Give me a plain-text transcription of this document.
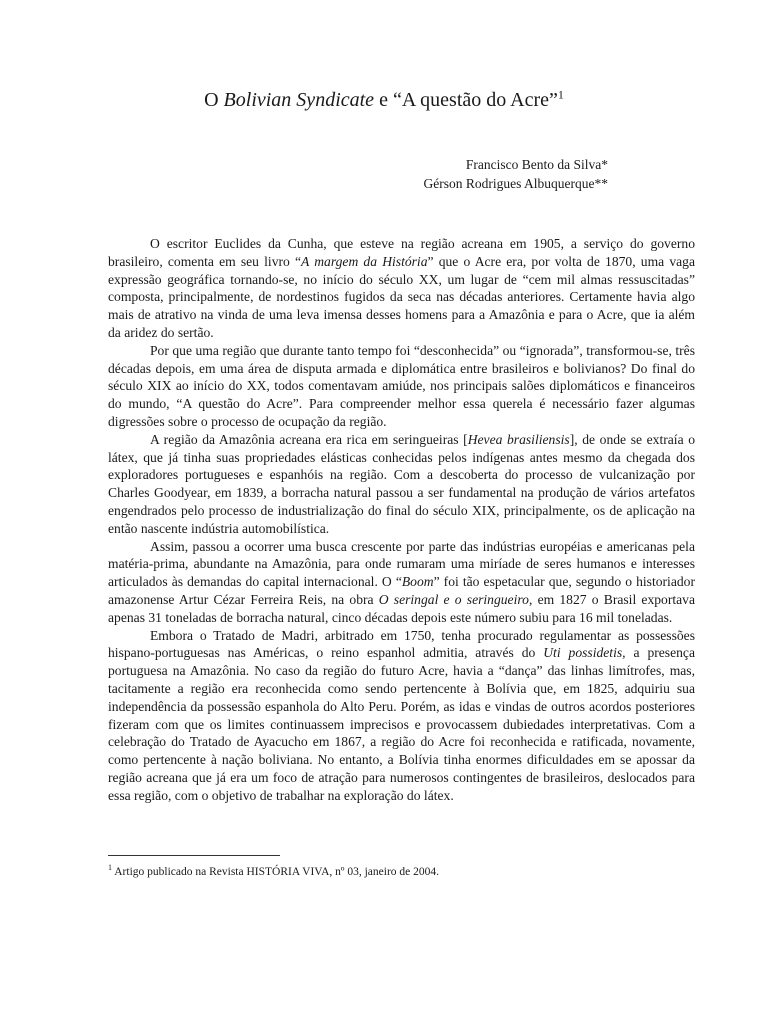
O Bolivian Syndicate e “A questão do Acre”$^1$
Francisco Bento da Silva*
Gérson Rodrigues Albuquerque**

O escritor Euclides da Cunha, que esteve na região acreana em 1905, a serviço do governo brasileiro, comenta em seu livro “A margem da História” que o Acre era, por volta de 1870, uma vaga expressão geográfica tornando-se, no início do século XX, um lugar de “cem mil almas ressuscitadas” composta, principalmente, de nordestinos fugidos da seca nas décadas anteriores. Certamente havia algo mais de atrativo na vinda de uma leva imensa desses homens para a Amazônia e para o Acre, que ia além da aridez do sertão.

Por que uma região que durante tanto tempo foi “desconhecida” ou “ignorada”, transformou-se, três décadas depois, em uma área de disputa armada e diplomática entre brasileiros e bolivianos? Do final do século XIX ao início do XX, todos comentavam amiúde, nos principais salões diplomáticos e financeiros do mundo, “A questão do Acre”. Para compreender melhor essa querela é necessário fazer algumas digressões sobre o processo de ocupação da região.

A região da Amazônia acreana era rica em seringueiras [Hevea brasiliensis], de onde se extraía o látex, que já tinha suas propriedades elásticas conhecidas pelos indígenas antes mesmo da chegada dos exploradores portugueses e espanhóis na região. Com a descoberta do processo de vulcanização por Charles Goodyear, em 1839, a borracha natural passou a ser fundamental na produção de vários artefatos engendrados pelo processo de industrialização do final do século XIX, principalmente, os de aplicação na então nascente indústria automobilística.

Assim, passou a ocorrer uma busca crescente por parte das indústrias européias e americanas pela matéria-prima, abundante na Amazônia, para onde rumaram uma miríade de seres humanos e interesses articulados às demandas do capital internacional. O “Boom” foi tão espetacular que, segundo o historiador amazonense Artur Cézar Ferreira Reis, na obra O seringal e o seringueiro, em 1827 o Brasil exportava apenas 31 toneladas de borracha natural, cinco décadas depois este número subiu para 16 mil toneladas.

Embora o Tratado de Madri, arbitrado em 1750, tenha procurado regulamentar as possessões hispano-portuguesas nas Américas, o reino espanhol admitia, através do Uti possidetis, a presença portuguesa na Amazônia. No caso da região do futuro Acre, havia a “dança” das linhas limítrofes, mas, tacitamente a região era reconhecida como sendo pertencente à Bolívia que, em 1825, adquiriu sua independência da possessão espanhola do Alto Peru. Porém, as idas e vindas de outros acordos posteriores fizeram com que os limites continuassem imprecisos e provocassem dubiedades interpretativas. Com a celebração do Tratado de Ayacucho em 1867, a região do Acre foi reconhecida e ratificada, novamente, como pertencente à nação boliviana. No entanto, a Bolívia tinha enormes dificuldades em se apossar da região acreana que já era um foco de atração para numerosos contingentes de brasileiros, deslocados para essa região, com o objetivo de trabalhar na exploração do látex.

$^1$ Artigo publicado na Revista HISTÓRIA VIVA, nº 03, janeiro de 2004.
